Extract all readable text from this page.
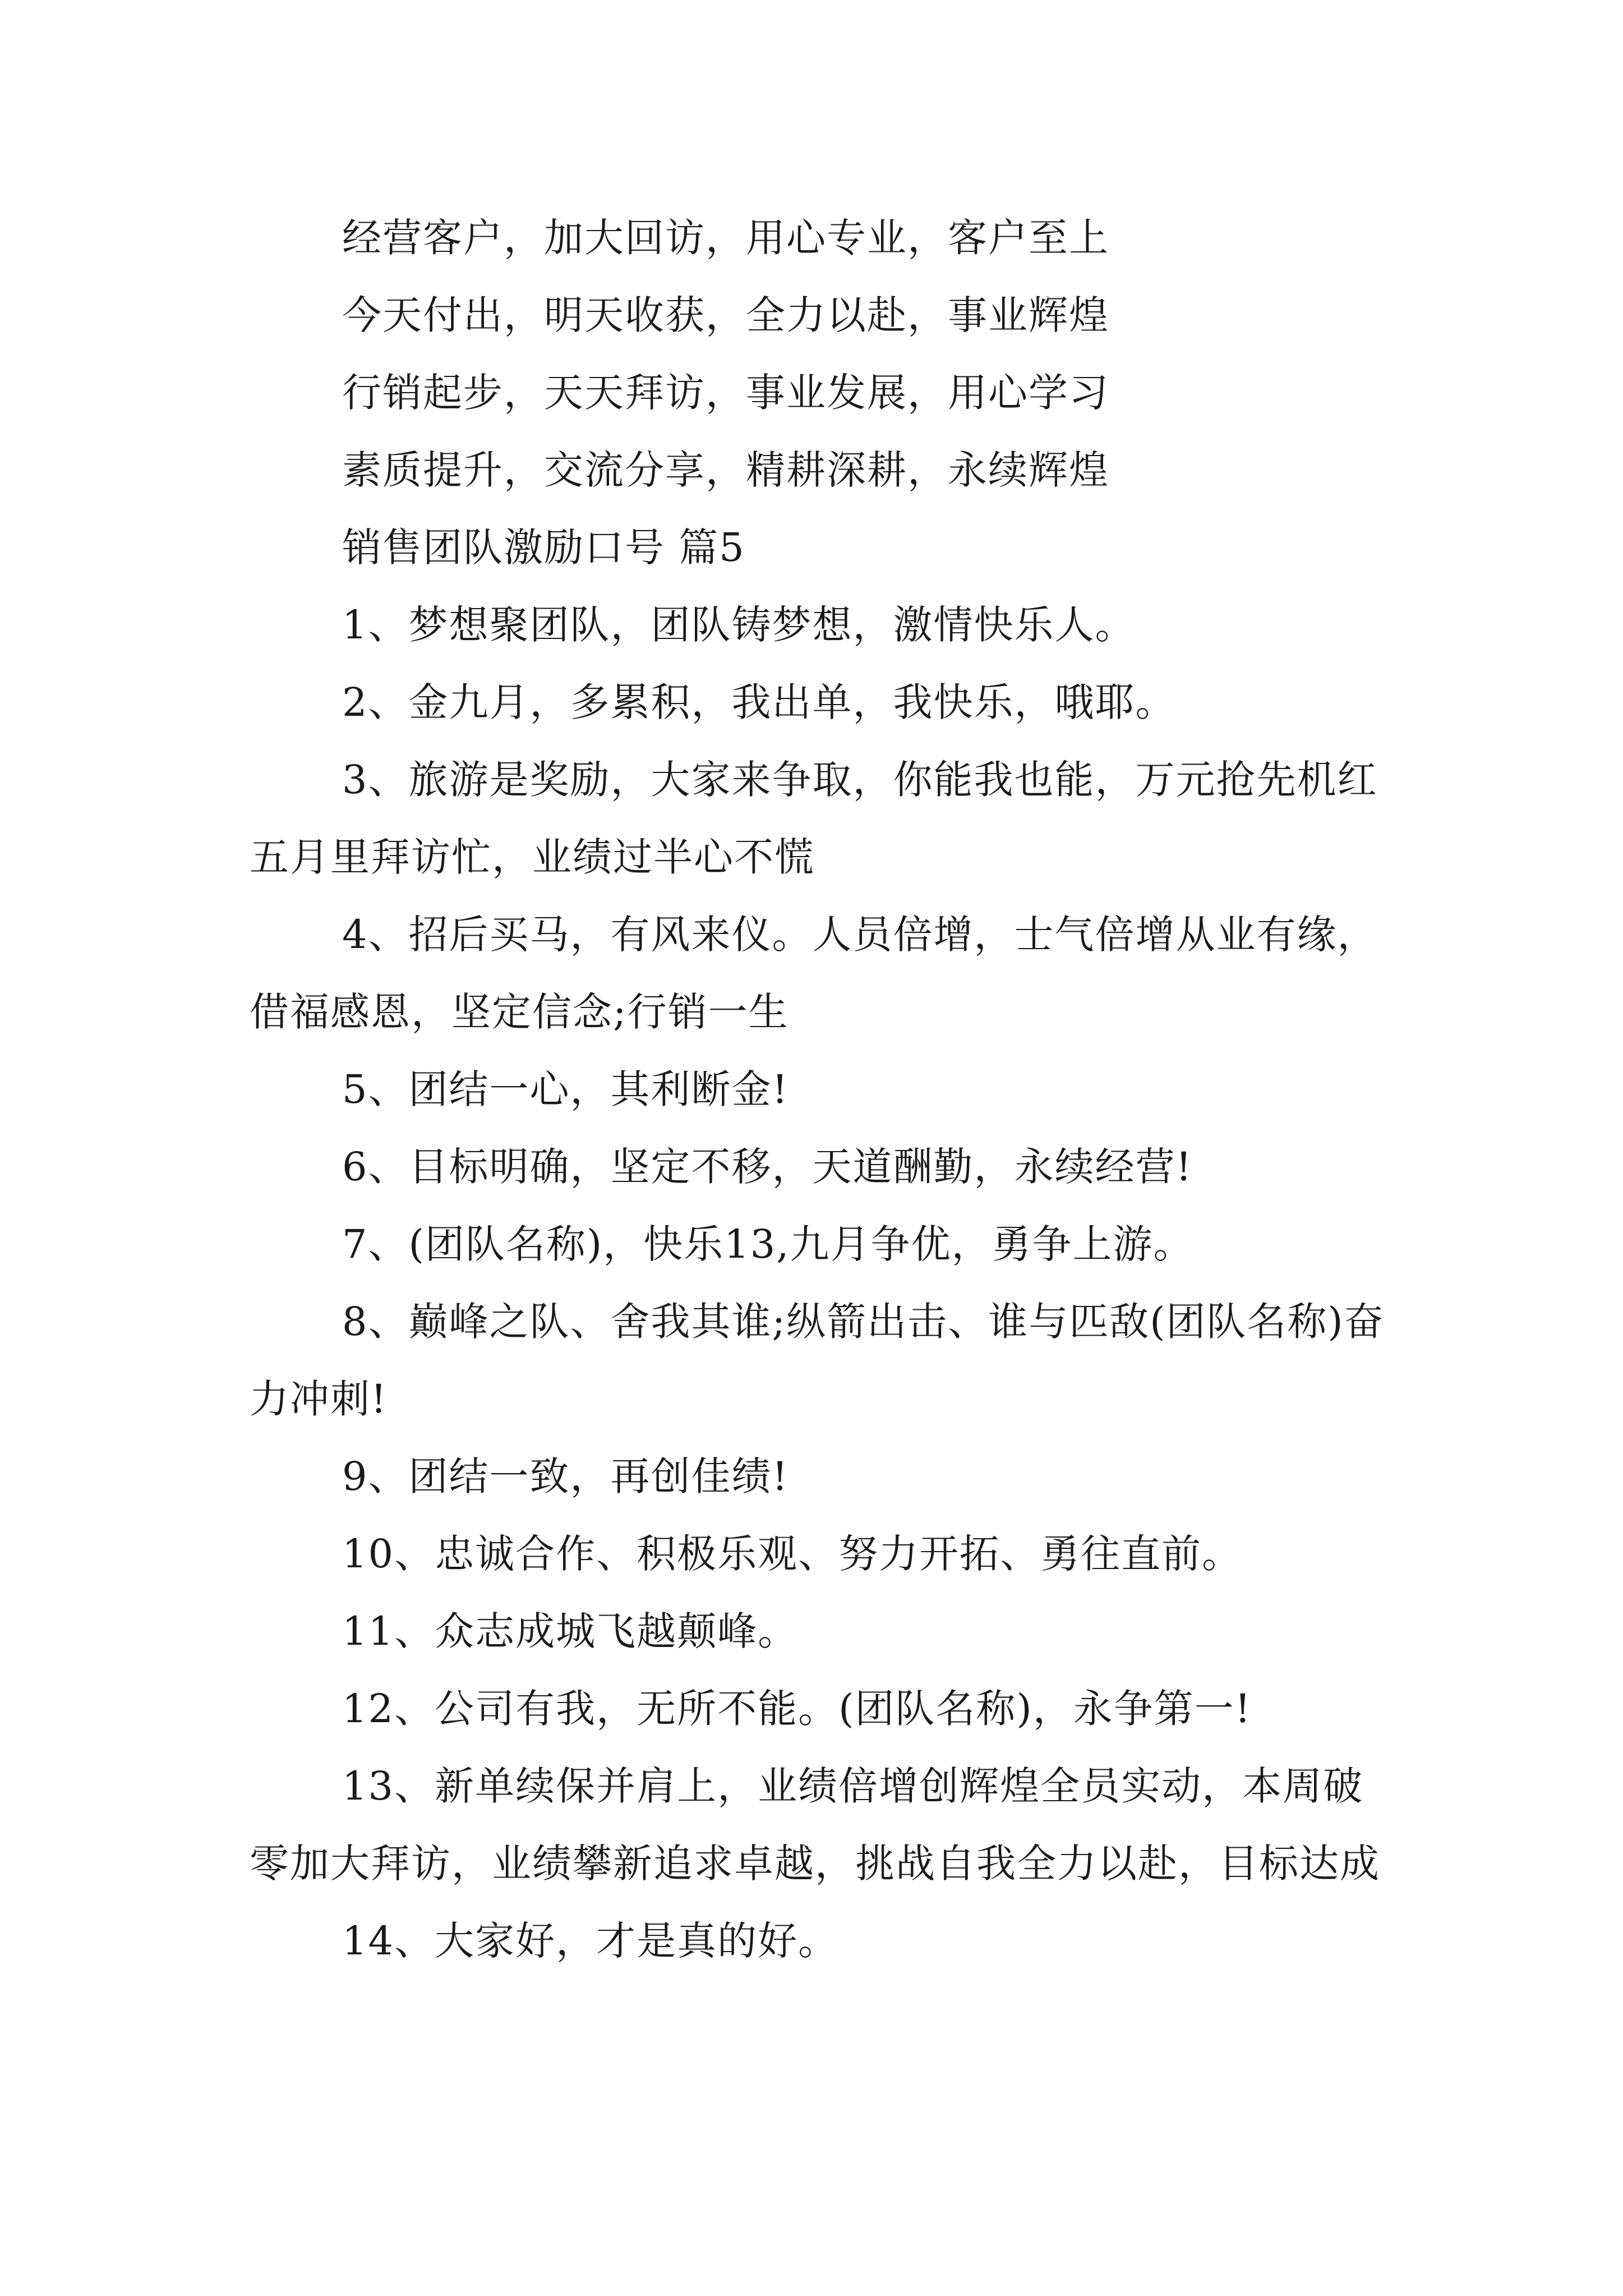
经营客户，加大回访，用心专业，客户至上

今天付出，明天收获，全力以赴，事业辉煌

行销起步，天天拜访，事业发展，用心学习

素质提升，交流分享，精耕深耕，永续辉煌

销售团队激励口号 篇5

1、梦想聚团队，团队铸梦想，激情快乐人。

2、金九月，多累积，我出单，我快乐，哦耶。

3、旅游是奖励，大家来争取，你能我也能，万元抢先机红五月里拜访忙，业绩过半心不慌

4、招后买马，有风来仪。人员倍增，士气倍增从业有缘，借福感恩，坚定信念;行销一生

5、团结一心，其利断金!

6、目标明确，坚定不移，天道酬勤，永续经营!

7、(团队名称)，快乐13,九月争优，勇争上游。

8、巅峰之队、舍我其谁;纵箭出击、谁与匹敌(团队名称)奋力冲刺!

9、团结一致，再创佳绩!

10、忠诚合作、积极乐观、努力开拓、勇往直前。

11、众志成城飞越颠峰。

12、公司有我，无所不能。(团队名称)，永争第一!

13、新单续保并肩上，业绩倍增创辉煌全员实动，本周破零加大拜访，业绩攀新追求卓越，挑战自我全力以赴，目标达成

14、大家好，才是真的好。
